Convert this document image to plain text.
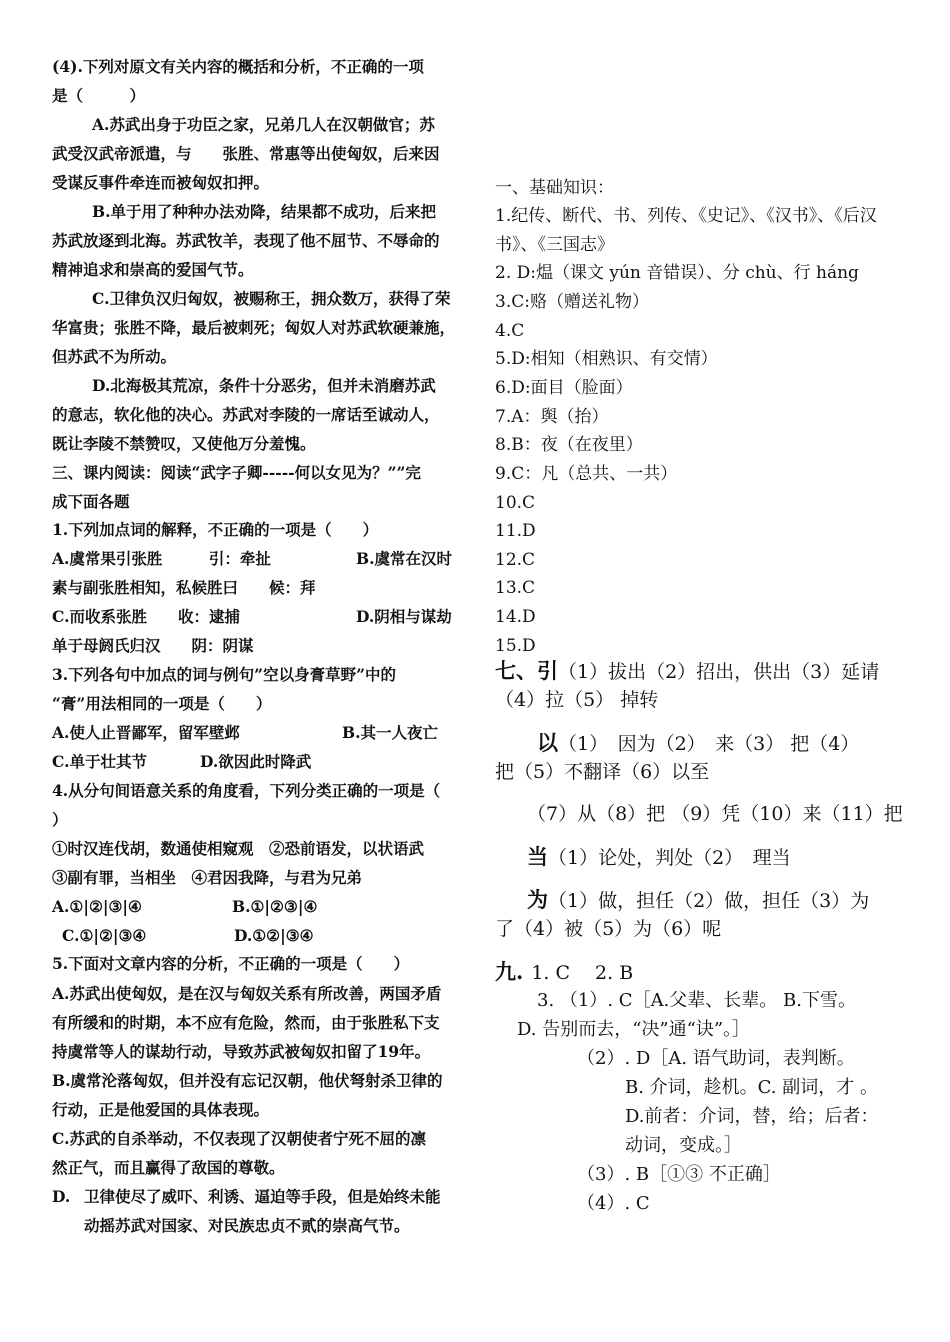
(4).下列对原文有关内容的概括和分析，不正确的一项
是（　　　）
A.苏武出身于功臣之家，兄弟几人在汉朝做官；苏
武受汉武帝派遣，与　　张胜、常惠等出使匈奴，后来因
受谋反事件牵连而被匈奴扣押。
B.单于用了种种办法劝降，结果都不成功，后来把
苏武放逐到北海。苏武牧羊，表现了他不屈节、不辱命的
精神追求和崇高的爱国气节。
C.卫律负汉归匈奴，被赐称王，拥众数万，获得了荣
华富贵；张胜不降，最后被刺死；匈奴人对苏武软硬兼施，
但苏武不为所动。
D.北海极其荒凉，条件十分恶劣，但并未消磨苏武
的意志，软化他的决心。苏武对李陵的一席话至诚动人，
既让李陵不禁赞叹，又使他万分羞愧。
三、课内阅读：阅读“武字子卿-----何以女见为？””完
成下面各题
1.下列加点词的解释，不正确的一项是（　　）
A.虞常果引张胜　　　引：牵扯	B.虞常在汉时
素与副张胜相知，私候胜曰　　候：拜
C.而收系张胜　　收：逮捕	D.阴相与谋劫
单于母阏氏归汉　　阴：阴谋
3.下列各句中加点的词与例句”空以身膏草野”中的
“膏”用法相同的一项是（　　）
A.使人止晋鄙军，留军壁邺	B.其一人夜亡
C.单于壮其节	D.欲因此时降武
4.从分句间语意关系的角度看，下列分类正确的一项是（
）
①时汉连伐胡，数通使相窥观　②恐前语发，以状语武
③副有罪，当相坐　④君因我降，与君为兄弟
A.①|②|③|④	B.①|②③|④
C.①|②|③④	D.①②|③④
5.下面对文章内容的分析，不正确的一项是（　　）
A.苏武出使匈奴，是在汉与匈奴关系有所改善，两国矛盾
有所缓和的时期，本不应有危险，然而，由于张胜私下支
持虞常等人的谋劫行动，导致苏武被匈奴扣留了19年。
B.虞常沦落匈奴，但并没有忘记汉朝，他伏弩射杀卫律的
行动，正是他爱国的具体表现。
C.苏武的自杀举动，不仅表现了汉朝使者宁死不屈的凛
然正气，而且赢得了敌国的尊敬。
D. 卫律使尽了威吓、利诱、逼迫等手段，但是始终未能
动摇苏武对国家、对民族忠贞不贰的崇高气节。
一、基础知识：
1.纪传、断代、书、列传、《史记》、《汉书》、《后汉
书》、《三国志》
2. D:煴（课文 yún 音错误）、分 chù、行 háng
3.C:赂（赠送礼物）
4.C
5.D:相知（相熟识、有交情）
6.D:面目（脸面）
7.A：舆（抬）
8.B：夜（在夜里）
9.C：凡（总共、一共）
10.C
11.D
12.C
13.C
14.D
15.D
七、引（1）拔出（2）招出，供出（3）延请
（4）拉（5） 掉转
以（1）　因为（2）　来（3） 把（4）
把（5）不翻译（6）以至
（7）从（8）把 （9）凭（10）来（11）把
当（1）论处，判处（2）　理当
为（1）做，担任（2）做，担任（3）为
了（4）被（5）为（6）呢
九. 1. C　 2. B
3. （1）. C［A.父辈、长辈。 B.下雪。
D. 告别而去，“决”通“诀”。］
（2）. D［A. 语气助词，表判断。
B. 介词，趁机。C. 副词，才 。
D.前者：介词，替，给；后者：
动词，变成。］
（3）. B［①③ 不正确］
（4）. C
